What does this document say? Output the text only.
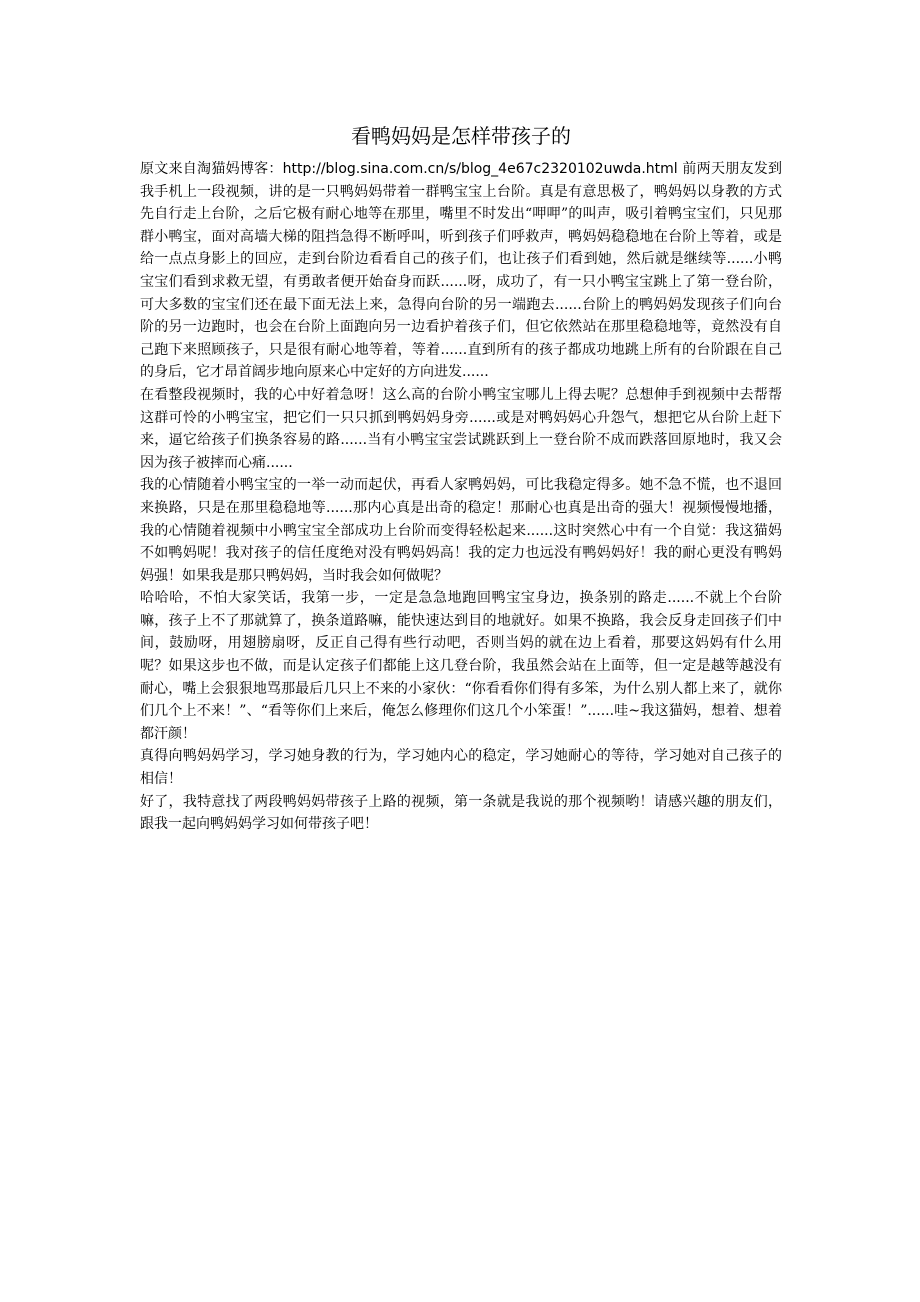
看鸭妈妈是怎样带孩子的

原文来自淘猫妈博客：http://blog.sina.com.cn/s/blog_4e67c2320102uwda.html 前两天朋友发到我手机上一段视频，讲的是一只鸭妈妈带着一群鸭宝宝上台阶。真是有意思极了，鸭妈妈以身教的方式先自行走上台阶，之后它极有耐心地等在那里，嘴里不时发出“呷呷”的叫声，吸引着鸭宝宝们，只见那群小鸭宝，面对高墙大梯的阻挡急得不断呼叫，听到孩子们呼救声，鸭妈妈稳稳地在台阶上等着，或是给一点点身影上的回应，走到台阶边看看自己的孩子们，也让孩子们看到她，然后就是继续等......小鸭宝宝们看到求救无望，有勇敢者便开始奋身而跃......呀，成功了，有一只小鸭宝宝跳上了第一登台阶，可大多数的宝宝们还在最下面无法上来，急得向台阶的另一端跑去......台阶上的鸭妈妈发现孩子们向台阶的另一边跑时，也会在台阶上面跑向另一边看护着孩子们，但它依然站在那里稳稳地等，竟然没有自己跑下来照顾孩子，只是很有耐心地等着，等着......直到所有的孩子都成功地跳上所有的台阶跟在自己的身后，它才昂首阔步地向原来心中定好的方向进发......

在看整段视频时，我的心中好着急呀！这么高的台阶小鸭宝宝哪儿上得去呢？总想伸手到视频中去帮帮这群可怜的小鸭宝宝，把它们一只只抓到鸭妈妈身旁......或是对鸭妈妈心升怨气，想把它从台阶上赶下来，逼它给孩子们换条容易的路......当有小鸭宝宝尝试跳跃到上一登台阶不成而跌落回原地时，我又会因为孩子被摔而心痛......

我的心情随着小鸭宝宝的一举一动而起伏，再看人家鸭妈妈，可比我稳定得多。她不急不慌，也不退回来换路，只是在那里稳稳地等......那内心真是出奇的稳定！那耐心也真是出奇的强大！视频慢慢地播，我的心情随着视频中小鸭宝宝全部成功上台阶而变得轻松起来......这时突然心中有一个自觉：我这猫妈不如鸭妈呢！我对孩子的信任度绝对没有鸭妈妈高！我的定力也远没有鸭妈妈好！我的耐心更没有鸭妈妈强！如果我是那只鸭妈妈，当时我会如何做呢？

哈哈哈，不怕大家笑话，我第一步，一定是急急地跑回鸭宝宝身边，换条别的路走......不就上个台阶嘛，孩子上不了那就算了，换条道路嘛，能快速达到目的地就好。如果不换路，我会反身走回孩子们中间，鼓励呀，用翅膀扇呀，反正自己得有些行动吧，否则当妈的就在边上看着，那要这妈妈有什么用呢？如果这步也不做，而是认定孩子们都能上这几登台阶，我虽然会站在上面等，但一定是越等越没有耐心，嘴上会狠狠地骂那最后几只上不来的小家伙：“你看看你们得有多笨，为什么别人都上来了，就你们几个上不来！”、“看等你们上来后，俺怎么修理你们这几个小笨蛋！”......哇~我这猫妈，想着、想着都汗颜！

真得向鸭妈妈学习，学习她身教的行为，学习她内心的稳定，学习她耐心的等待，学习她对自己孩子的相信！

好了，我特意找了两段鸭妈妈带孩子上路的视频，第一条就是我说的那个视频哟！请感兴趣的朋友们，跟我一起向鸭妈妈学习如何带孩子吧！
